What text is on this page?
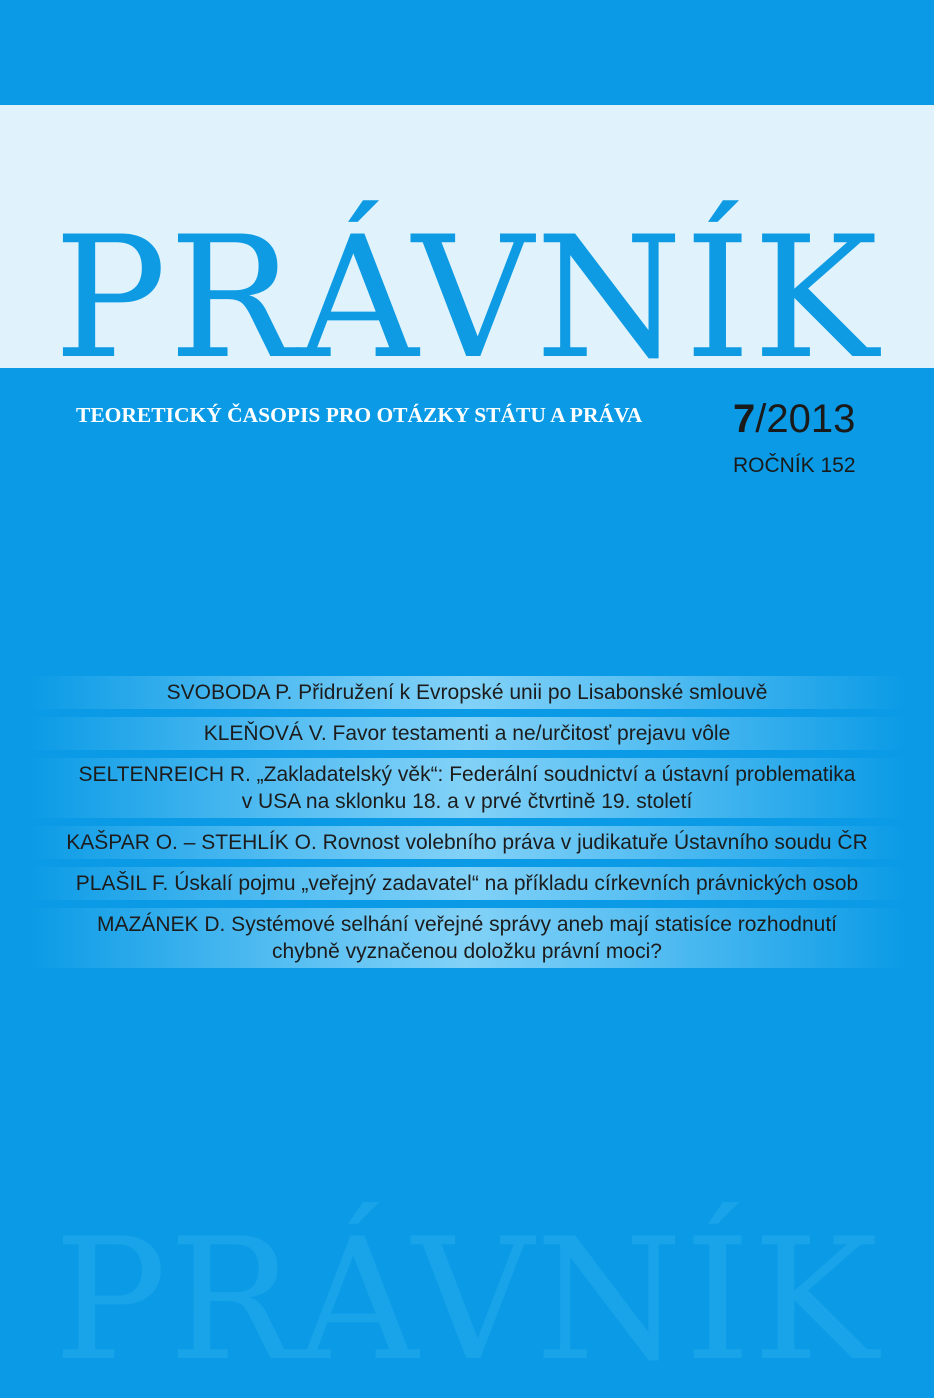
PRÁVNÍK
TEORETICKÝ ČASOPIS PRO OTÁZKY STÁTU A PRÁVA 7/2013
ROČNÍK 152
SVOBODA P. Přidružení k Evropské unii po Lisabonské smlouvě
KLEŇOVÁ V. Favor testamenti a ne/určitosť prejavu vôle
SELTENREICH R. „Zakladatelský věk“: Federální soudnictví a ústavní problematika
v USA na sklonku 18. a v prvé čtvrtině 19. století
KAŠPAR O. – STEHLÍK O. Rovnost volebního práva v judikatuře Ústavního soudu ČR
PLAŠIL F. Úskalí pojmu „veřejný zadavatel“ na příkladu církevních právnických osob
MAZÁNEK D. Systémové selhání veřejné správy aneb mají statisíce rozhodnutí
chybně vyznačenou doložku právní moci?
PRÁVNÍK
